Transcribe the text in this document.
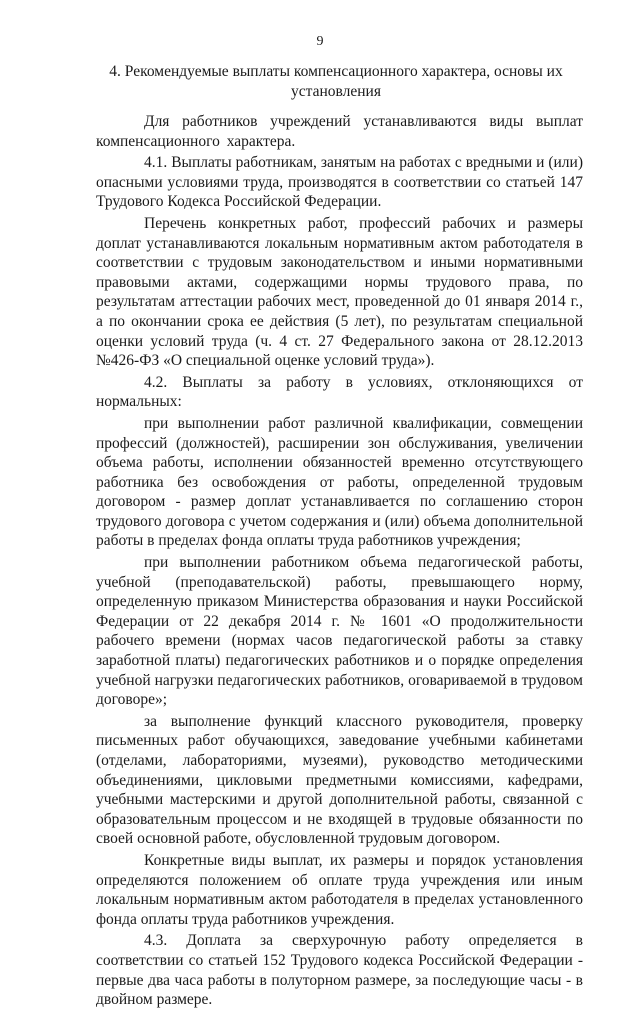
9
4. Рекомендуемые выплаты компенсационного характера, основы их установления

Для работников учреждений устанавливаются виды выплат компенсационного характера.

4.1. Выплаты работникам, занятым на работах с вредными и (или) опасными условиями труда, производятся в соответствии со статьей 147 Трудового Кодекса Российской Федерации.

Перечень конкретных работ, профессий рабочих и размеры доплат устанавливаются локальным нормативным актом работодателя в соответствии с трудовым законодательством и иными нормативными правовыми актами, содержащими нормы трудового права, по результатам аттестации рабочих мест, проведенной до 01 января 2014 г., а по окончании срока ее действия (5 лет), по результатам специальной оценки условий труда (ч. 4 ст. 27 Федерального закона от 28.12.2013 №426-ФЗ «О специальной оценке условий труда»).

4.2. Выплаты за работу в условиях, отклоняющихся от нормальных:

при выполнении работ различной квалификации, совмещении профессий (должностей), расширении зон обслуживания, увеличении объема работы, исполнении обязанностей временно отсутствующего работника без освобождения от работы, определенной трудовым договором - размер доплат устанавливается по соглашению сторон трудового договора с учетом содержания и (или) объема дополнительной работы в пределах фонда оплаты труда работников учреждения;

при выполнении работником объема педагогической работы, учебной (преподавательской) работы, превышающего норму, определенную приказом Министерства образования и науки Российской Федерации от 22 декабря 2014 г. № 1601 «О продолжительности рабочего времени (нормах часов педагогической работы за ставку заработной платы) педагогических работников и о порядке определения учебной нагрузки педагогических работников, оговариваемой в трудовом договоре»;

за выполнение функций классного руководителя, проверку письменных работ обучающихся, заведование учебными кабинетами (отделами, лабораториями, музеями), руководство методическими объединениями, цикловыми предметными комиссиями, кафедрами, учебными мастерскими и другой дополнительной работы, связанной с образовательным процессом и не входящей в трудовые обязанности по своей основной работе, обусловленной трудовым договором.

Конкретные виды выплат, их размеры и порядок установления определяются положением об оплате труда учреждения или иным локальным нормативным актом работодателя в пределах установленного фонда оплаты труда работников учреждения.

4.3. Доплата за сверхурочную работу определяется в соответствии со статьей 152 Трудового кодекса Российской Федерации - первые два часа работы в полуторном размере, за последующие часы - в двойном размере.
